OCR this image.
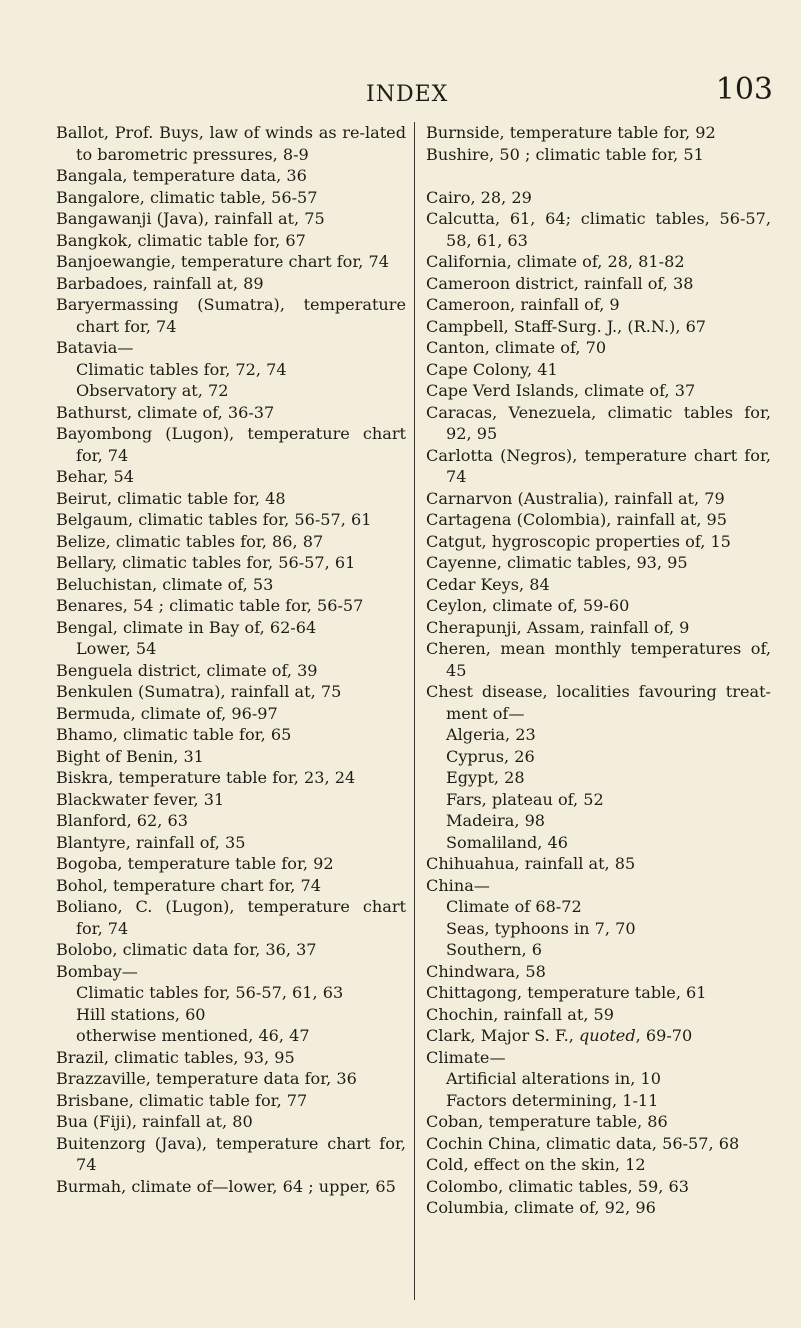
INDEX	103
Ballot, Prof. Buys, law of winds as re-lated to barometric pressures, 8-9
Bangala, temperature data, 36
Bangalore, climatic table, 56-57
Bangawanji (Java), rainfall at, 75
Bangkok, climatic table for, 67
Banjoewangie, temperature chart for, 74
Barbadoes, rainfall at, 89
Baryermassing (Sumatra), temperature chart for, 74
Batavia—
Climatic tables for, 72, 74
Observatory at, 72
Bathurst, climate of, 36-37
Bayombong (Lugon), temperature chart for, 74
Behar, 54
Beirut, climatic table for, 48
Belgaum, climatic tables for, 56-57, 61
Belize, climatic tables for, 86, 87
Bellary, climatic tables for, 56-57, 61
Beluchistan, climate of, 53
Benares, 54 ; climatic table for, 56-57
Bengal, climate in Bay of, 62-64
Lower, 54
Benguela district, climate of, 39
Benkulen (Sumatra), rainfall at, 75
Bermuda, climate of, 96-97
Bhamo, climatic table for, 65
Bight of Benin, 31
Biskra, temperature table for, 23, 24
Blackwater fever, 31
Blanford, 62, 63
Blantyre, rainfall of, 35
Bogoba, temperature table for, 92
Bohol, temperature chart for, 74
Boliano, C. (Lugon), temperature chart for, 74
Bolobo, climatic data for, 36, 37
Bombay—
Climatic tables for, 56-57, 61, 63
Hill stations, 60
otherwise mentioned, 46, 47
Brazil, climatic tables, 93, 95
Brazzaville, temperature data for, 36
Brisbane, climatic table for, 77
Bua (Fiji), rainfall at, 80
Buitenzorg (Java), temperature chart for, 74
Burmah, climate of—lower, 64 ; upper, 65
Burnside, temperature table for, 92
Bushire, 50 ; climatic table for, 51
Cairo, 28, 29
Calcutta, 61, 64; climatic tables, 56-57, 58, 61, 63
California, climate of, 28, 81-82
Cameroon district, rainfall of, 38
Cameroon, rainfall of, 9
Campbell, Staff-Surg. J., (R.N.), 67
Canton, climate of, 70
Cape Colony, 41
Cape Verd Islands, climate of, 37
Caracas, Venezuela, climatic tables for, 92, 95
Carlotta (Negros), temperature chart for, 74
Carnarvon (Australia), rainfall at, 79
Cartagena (Colombia), rainfall at, 95
Catgut, hygroscopic properties of, 15
Cayenne, climatic tables, 93, 95
Cedar Keys, 84
Ceylon, climate of, 59-60
Cherapunji, Assam, rainfall of, 9
Cheren, mean monthly temperatures of, 45
Chest disease, localities favouring treat-ment of—
Algeria, 23
Cyprus, 26
Egypt, 28
Fars, plateau of, 52
Madeira, 98
Somaliland, 46
Chihuahua, rainfall at, 85
China—
Climate of 68-72
Seas, typhoons in 7, 70
Southern, 6
Chindwara, 58
Chittagong, temperature table, 61
Chochin, rainfall at, 59
Clark, Major S. F., quoted, 69-70
Climate—
Artificial alterations in, 10
Factors determining, 1-11
Coban, temperature table, 86
Cochin China, climatic data, 56-57, 68
Cold, effect on the skin, 12
Colombo, climatic tables, 59, 63
Columbia, climate of, 92, 96
